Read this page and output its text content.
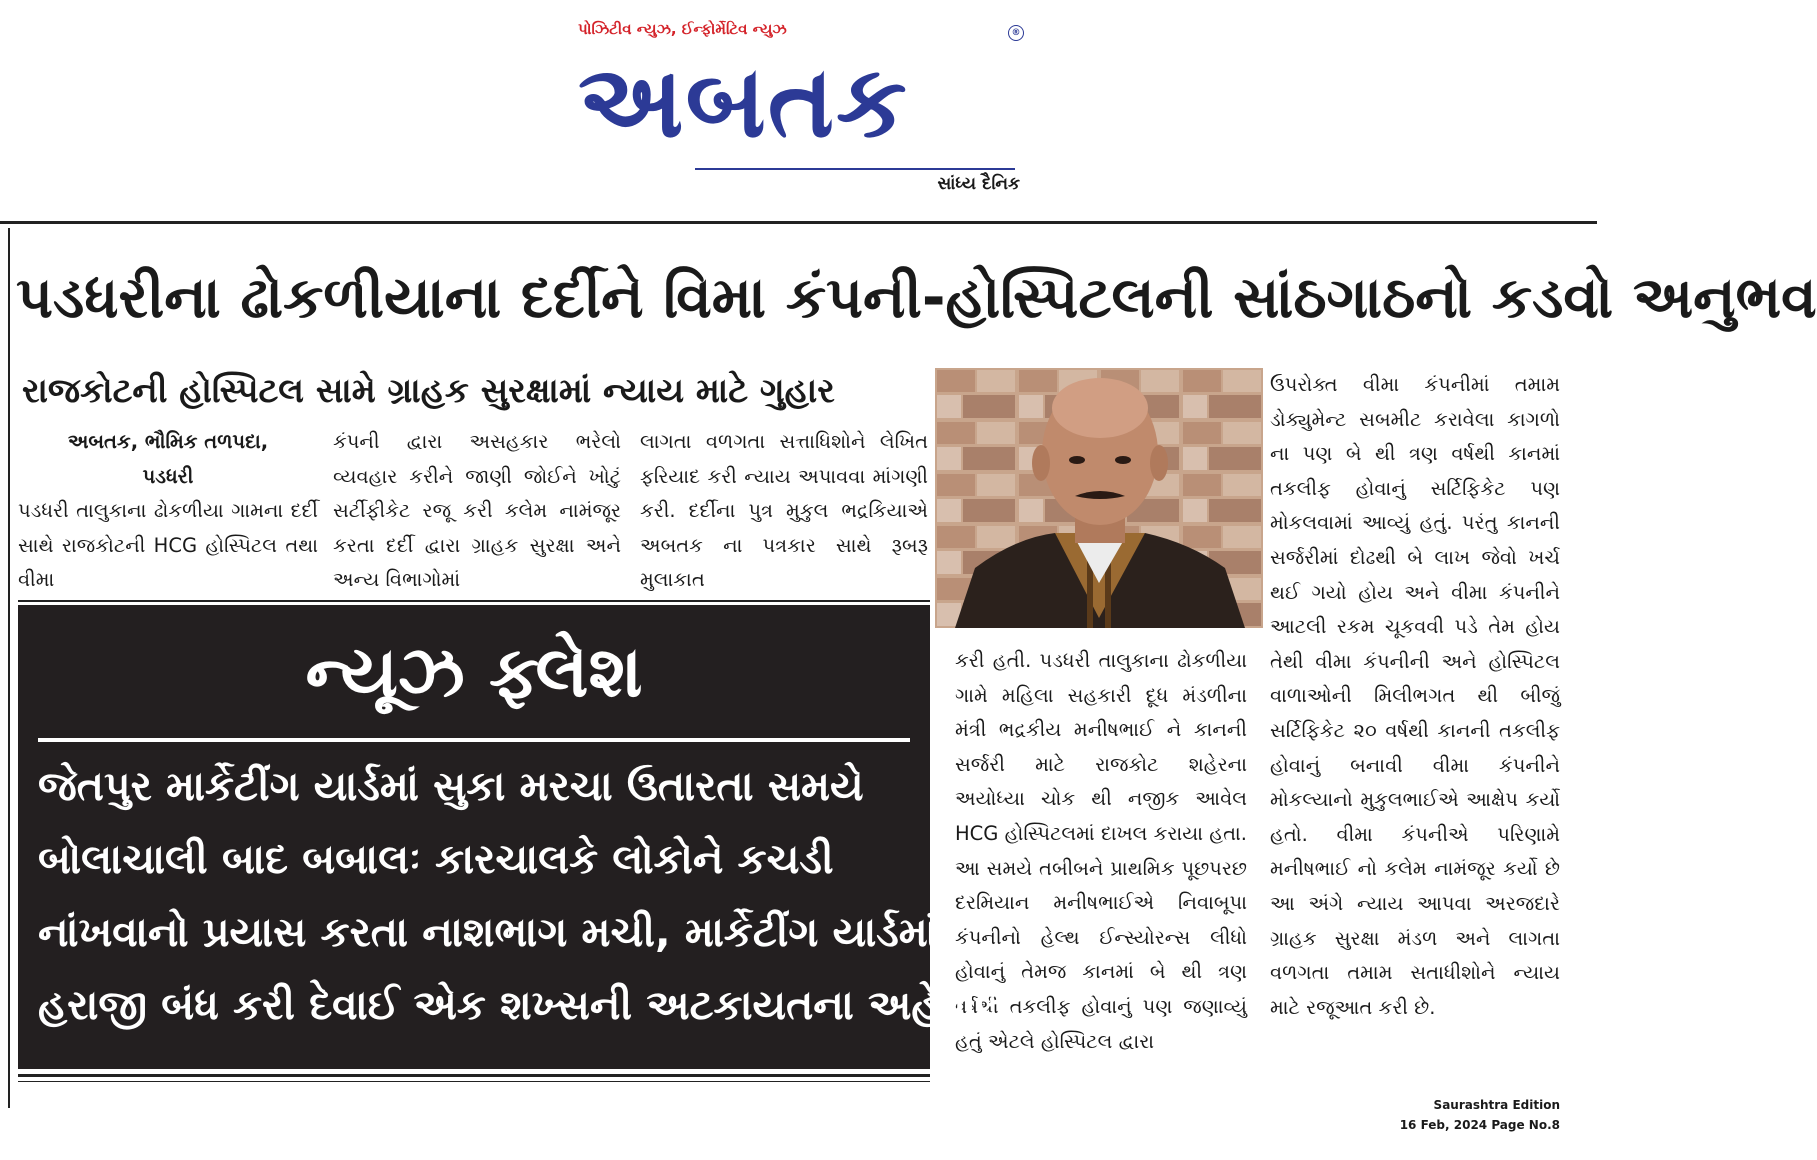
પોઝિટીવ ન્યુઝ, ઈન્ફોર્મેટિવ ન્યુઝ
અબતક
®
સાંધ્ય દૈનિક
પડધરીના ઢોકળીયાના દર્દીને વિમા કંપની-હોસ્પિટલની સાંઠગાઠનો કડવો અનુભવ
રાજકોટની હોસ્પિટલ સામે ગ્રાહક સુરક્ષામાં ન્યાય માટે ગુહાર
અબતક, ભૌમિક તળપદા,
પડધરી
પડધરી તાલુકાના ઢોકળીયા ગામના દર્દી સાથે રાજકોટની HCG હોસ્પિટલ તથા વીમા
કંપની દ્વારા અસહકાર ભરેલો વ્યવહાર કરીને જાણી જોઈને ખોટું સર્ટીફીકેટ રજૂ કરી કલેમ નામંજૂર કરતા દર્દી દ્વારા ગ્રાહક સુરક્ષા અને અન્ય વિભાગોમાં
લાગતા વળગતા સત્તાધિશોને લેખિત ફરિયાદ કરી ન્યાય અપાવવા માંગણી કરી. દર્દીના પુત્ર મુકુલ ભદ્રકિયાએ અબતક ના પત્રકાર સાથે રૂબરૂ મુલાકાત
કરી હતી. પડધરી તાલુકાના ઢોકળીયા ગામે મહિલા સહકારી દૂધ મંડળીના મંત્રી ભદ્રકીય મનીષભાઈ ને કાનની સર્જરી માટે રાજકોટ શહેરના અયોધ્યા ચોક થી નજીક આવેલ HCG હોસ્પિટલમાં દાખલ કરાયા હતા. આ સમયે તબીબને પ્રાથમિક પૂછપરછ દરમિયાન મનીષભાઈએ નિવાબૂપા કંપનીનો હેલ્થ ઈન્સ્યોરન્સ લીધો હોવાનું તેમજ કાનમાં બે થી ત્રણ વર્ષથી તકલીફ હોવાનું પણ જણાવ્યું હતું એટલે હોસ્પિટલ દ્વારા
ઉપરોક્ત વીમા કંપનીમાં તમામ ડોક્યુમેન્ટ સબમીટ કરાવેલા કાગળો ના પણ બે થી ત્રણ વર્ષથી કાનમાં તકલીફ હોવાનું સર્ટિફિકેટ પણ મોકલવામાં આવ્યું હતું. પરંતુ કાનની સર્જરીમાં દોઢથી બે લાખ જેવો ખર્ચ થઈ ગયો હોય અને વીમા કંપનીને આટલી રકમ ચૂકવવી પડે તેમ હોય તેથી વીમા કંપનીની અને હોસ્પિટલ વાળાઓની મિલીભગત થી બીજું સર્ટિફિકેટ ૨૦ વર્ષથી કાનની તકલીફ હોવાનું બનાવી વીમા કંપનીને મોકલ્યાનો મુકુલભાઈએ આક્ષેપ કર્યો હતો. વીમા કંપનીએ પરિણામે મનીષભાઈ નો કલેમ નામંજૂર કર્યો છે આ અંગે ન્યાય આપવા અરજદારે ગ્રાહક સુરક્ષા મંડળ અને લાગતા વળગતા તમામ સતાધીશોને ન્યાય માટે રજૂઆત કરી છે.
ન્યૂઝ ફ્લેશ
જેતપુર માર્કેટીંગ યાર્ડમાં સુકા મરચા ઉતારતા સમયે
બોલાચાલી બાદ બબાલઃ કારચાલકે લોકોને કચડી
નાંખવાનો પ્રયાસ કરતા નાશભાગ મચી, માર્કેટીંગ યાર્ડમાં
હરાજી બંધ કરી દેવાઈ એક શખ્સની અટકાયતના અહેવાલ
Saurashtra Edition
16 Feb, 2024 Page No.8
